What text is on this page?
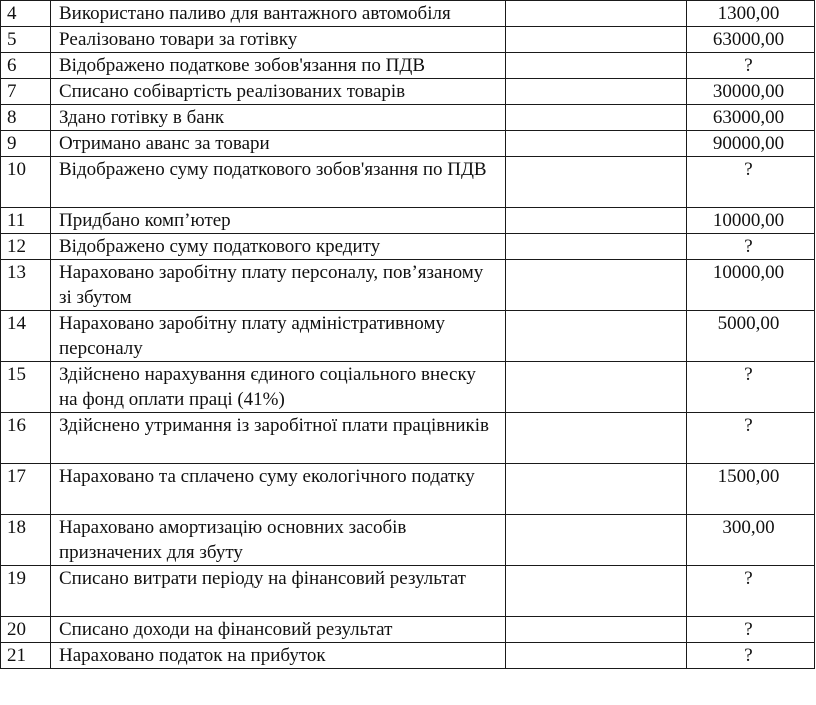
4	Використано паливо для вантажного автомобіля		1300,00
5	Реалізовано товари за готівку		63000,00
6	Відображено податкове зобов'язання по ПДВ		?
7	Списано собівартість реалізованих товарів		30000,00
8	Здано готівку в банк		63000,00
9	Отримано аванс за товари		90000,00
10	Відображено суму податкового зобов'язання по ПДВ		?
11	Придбано комп’ютер		10000,00
12	Відображено суму податкового кредиту		?
13	Нараховано заробітну плату персоналу, пов’язаному зі збутом		10000,00
14	Нараховано заробітну плату адміністративному персоналу		5000,00
15	Здійснено нарахування єдиного соціального внеску на фонд оплати праці (41%)		?
16	Здійснено утримання із заробітної плати працівників		?
17	Нараховано та сплачено суму екологічного податку		1500,00
18	Нараховано амортизацію основних засобів призначених для збуту		300,00
19	Списано витрати періоду на фінансовий результат		?
20	Списано доходи на фінансовий результат		?
21	Нараховано податок на прибуток		?
